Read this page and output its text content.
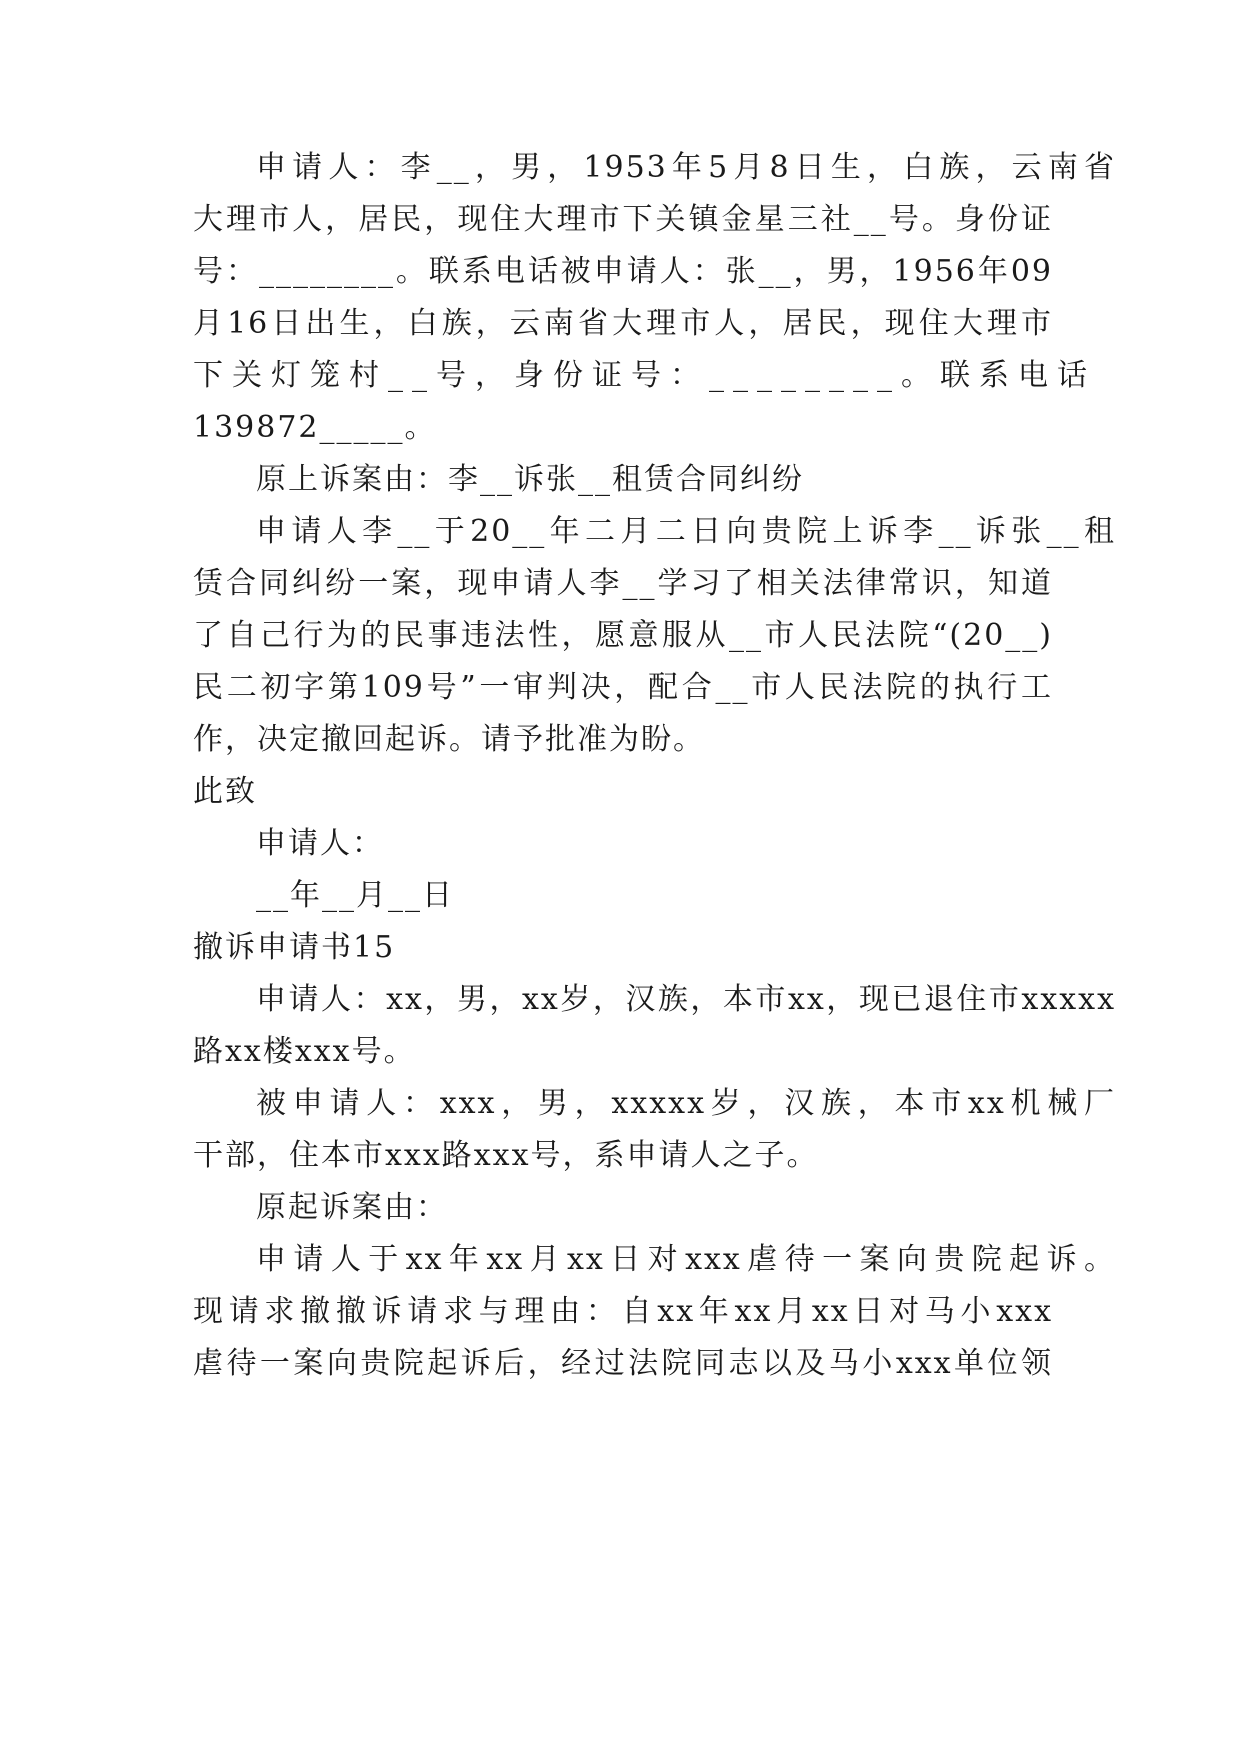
申请人：李__，男，1953年5月8日生，白族，云南省
大理市人，居民，现住大理市下关镇金星三社__号。身份证
号：________。联系电话被申请人：张__，男，1956年09
月16日出生，白族，云南省大理市人，居民，现住大理市
下关灯笼村__号，身份证号：________。联系电话
139872_____。
原上诉案由：李__诉张__租赁合同纠纷
申请人李__于20__年二月二日向贵院上诉李__诉张__租
赁合同纠纷一案，现申请人李__学习了相关法律常识，知道
了自己行为的民事违法性，愿意服从__市人民法院“(20__)
民二初字第109号”一审判决，配合__市人民法院的执行工
作，决定撤回起诉。请予批准为盼。
此致
申请人：
__年__月__日
撤诉申请书15
申请人：xx，男，xx岁，汉族，本市xx，现已退住市xxxxx
路xx楼xxx号。
被申请人：xxx，男，xxxxx岁，汉族，本市xx机械厂
干部，住本市xxx路xxx号，系申请人之子。
原起诉案由：
申请人于xx年xx月xx日对xxx虐待一案向贵院起诉。
现请求撤撤诉请求与理由：自xx年xx月xx日对马小xxx
虐待一案向贵院起诉后，经过法院同志以及马小xxx单位领
